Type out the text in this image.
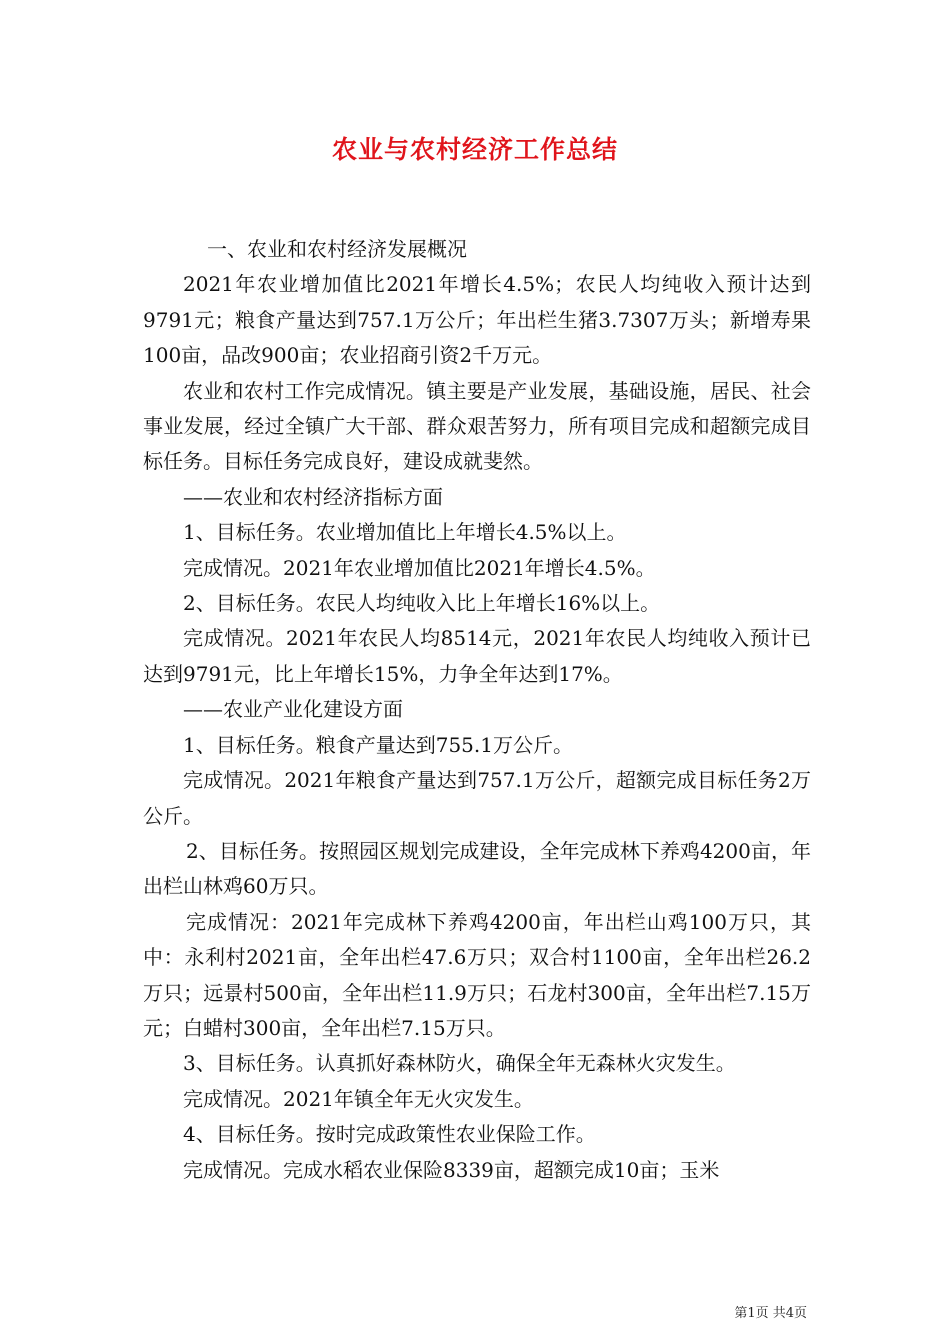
农业与农村经济工作总结

一、农业和农村经济发展概况

2021年农业增加值比2021年增长4.5%；农民人均纯收入预计达到9791元；粮食产量达到757.1万公斤；年出栏生猪3.7307万头；新增寿果100亩，品改900亩；农业招商引资2千万元。

农业和农村工作完成情况。镇主要是产业发展，基础设施，居民、社会事业发展，经过全镇广大干部、群众艰苦努力，所有项目完成和超额完成目标任务。目标任务完成良好，建设成就斐然。

——农业和农村经济指标方面

1、目标任务。农业增加值比上年增长4.5%以上。

完成情况。2021年农业增加值比2021年增长4.5%。

2、目标任务。农民人均纯收入比上年增长16%以上。

完成情况。2021年农民人均8514元，2021年农民人均纯收入预计已达到9791元，比上年增长15%，力争全年达到17%。

——农业产业化建设方面

1、目标任务。粮食产量达到755.1万公斤。

完成情况。2021年粮食产量达到757.1万公斤，超额完成目标任务2万公斤。

2、目标任务。按照园区规划完成建设，全年完成林下养鸡4200亩，年出栏山林鸡60万只。

完成情况：2021年完成林下养鸡4200亩，年出栏山鸡100万只，其中：永利村2021亩，全年出栏47.6万只；双合村1100亩，全年出栏26.2万只；远景村500亩，全年出栏11.9万只；石龙村300亩，全年出栏7.15万元；白蜡村300亩，全年出栏7.15万只。

3、目标任务。认真抓好森林防火，确保全年无森林火灾发生。

完成情况。2021年镇全年无火灾发生。

4、目标任务。按时完成政策性农业保险工作。

完成情况。完成水稻农业保险8339亩，超额完成10亩；玉米

第1页 共4页
